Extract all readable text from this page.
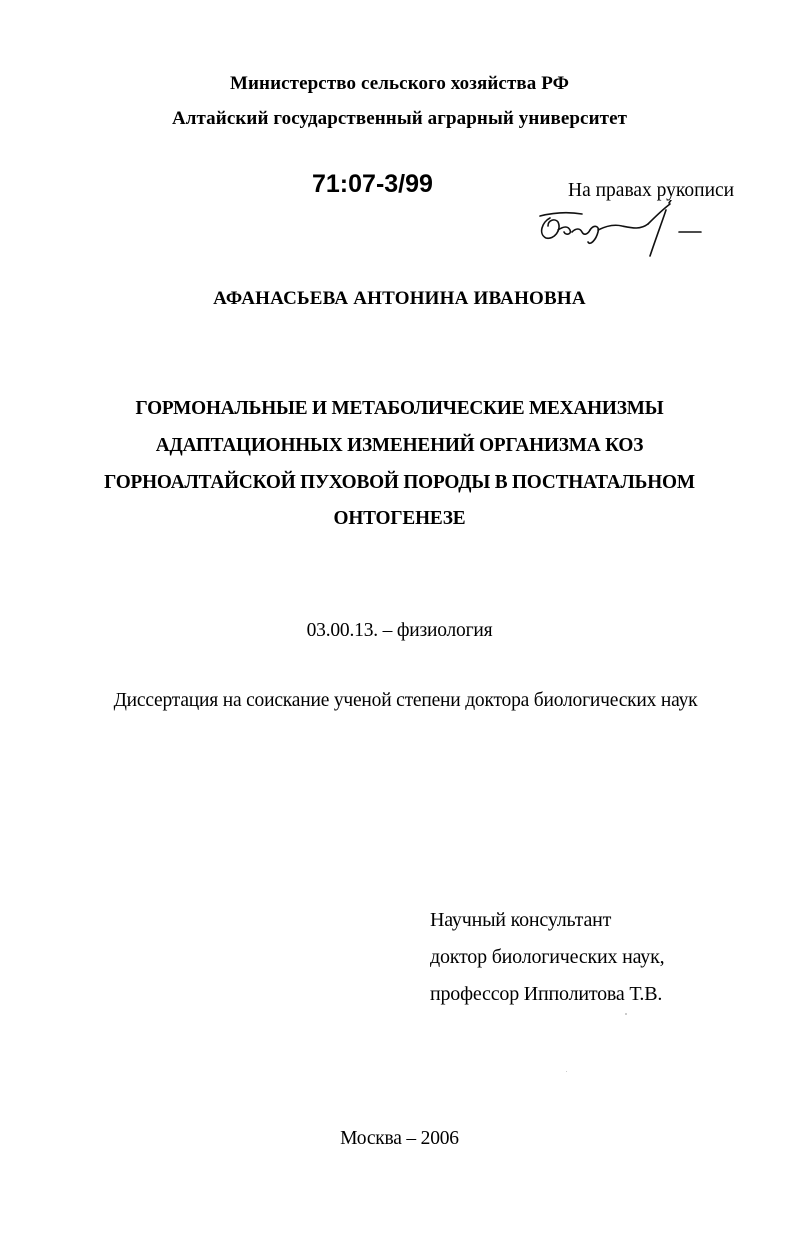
Министерство сельского хозяйства РФ
Алтайский государственный аграрный университет
71:07-3/99	На правах рукописи
АФАНАСЬЕВА АНТОНИНА ИВАНОВНА
ГОРМОНАЛЬНЫЕ И МЕТАБОЛИЧЕСКИЕ МЕХАНИЗМЫ
АДАПТАЦИОННЫХ ИЗМЕНЕНИЙ ОРГАНИЗМА КОЗ
ГОРНОАЛТАЙСКОЙ ПУХОВОЙ ПОРОДЫ В ПОСТНАТАЛЬНОМ
ОНТОГЕНЕЗЕ
03.00.13. – физиология
Диссертация на соискание ученой степени доктора биологических наук
Научный консультант
доктор биологических наук,
профессор Ипполитова Т.В.
Москва – 2006
